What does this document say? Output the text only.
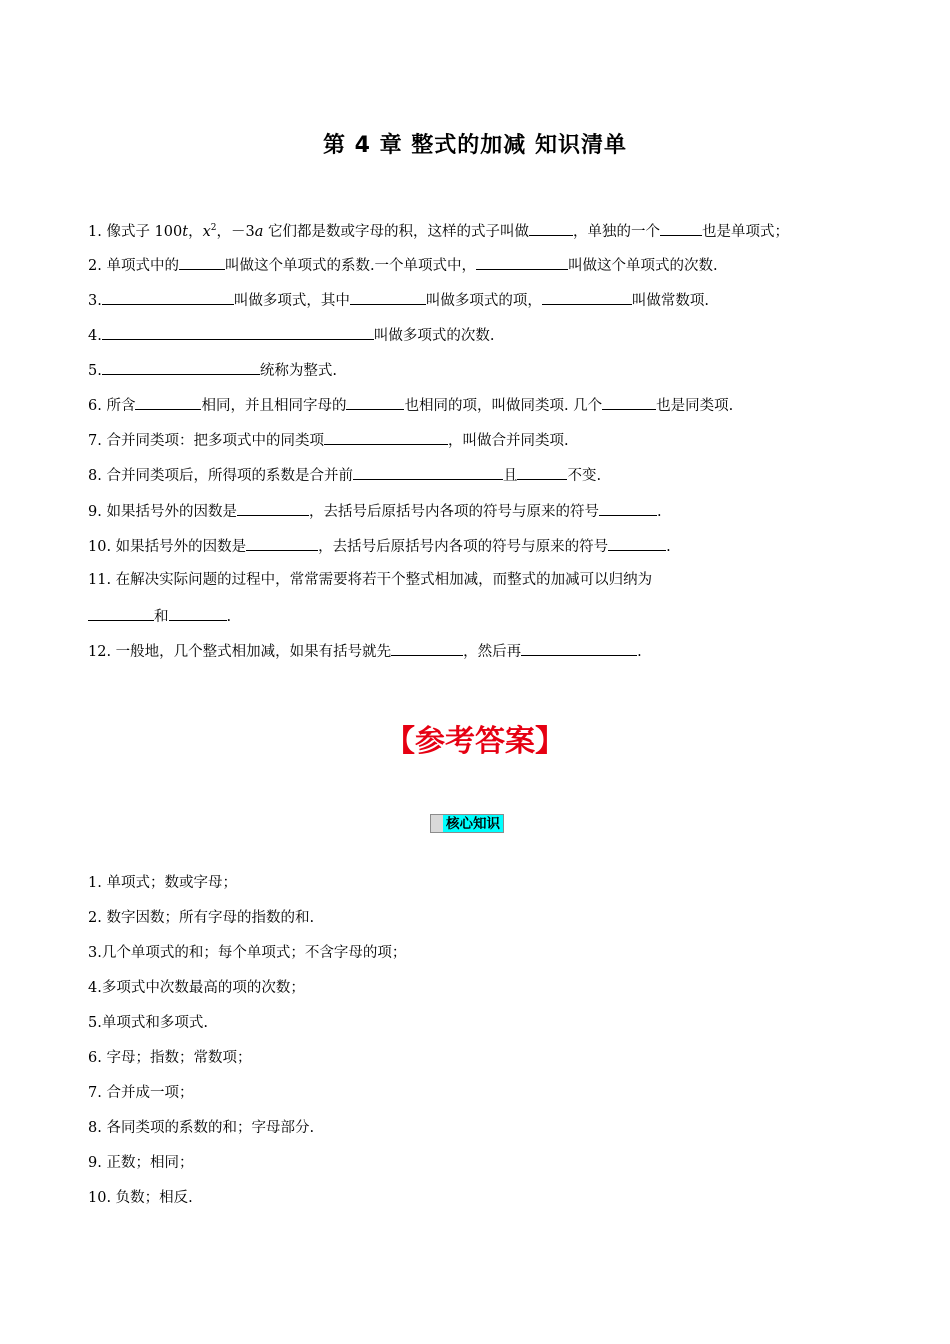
第 4 章 整式的加减 知识清单
1. 像式子 100t，$x^2$，－3a 它们都是数或字母的积，这样的式子叫做	，单独的一个	也是单项式；
2. 单项式中的	叫做这个单项式的系数.一个单项式中，	叫做这个单项式的次数.
3.	叫做多项式，其中	叫做多项式的项，	叫做常数项.
4.	叫做多项式的次数.
5.	统称为整式.
6. 所含	相同，并且相同字母的	也相同的项，叫做同类项. 几个	也是同类项.
7. 合并同类项：把多项式中的同类项	，叫做合并同类项.
8. 合并同类项后，所得项的系数是合并前	且	不变.
9. 如果括号外的因数是	，去括号后原括号内各项的符号与原来的符号	.
10. 如果括号外的因数是	，去括号后原括号内各项的符号与原来的符号	.
11. 在解决实际问题的过程中，常常需要将若干个整式相加减，而整式的加减可以归纳为
和	.
12. 一般地，几个整式相加减，如果有括号就先	，然后再	.
【参考答案】
核心知识
1. 单项式；数或字母；
2. 数字因数；所有字母的指数的和.
3.几个单项式的和；每个单项式；不含字母的项；
4.多项式中次数最高的项的次数；
5.单项式和多项式.
6. 字母；指数；常数项；
7. 合并成一项；
8. 各同类项的系数的和；字母部分.
9. 正数；相同；
10. 负数；相反.
